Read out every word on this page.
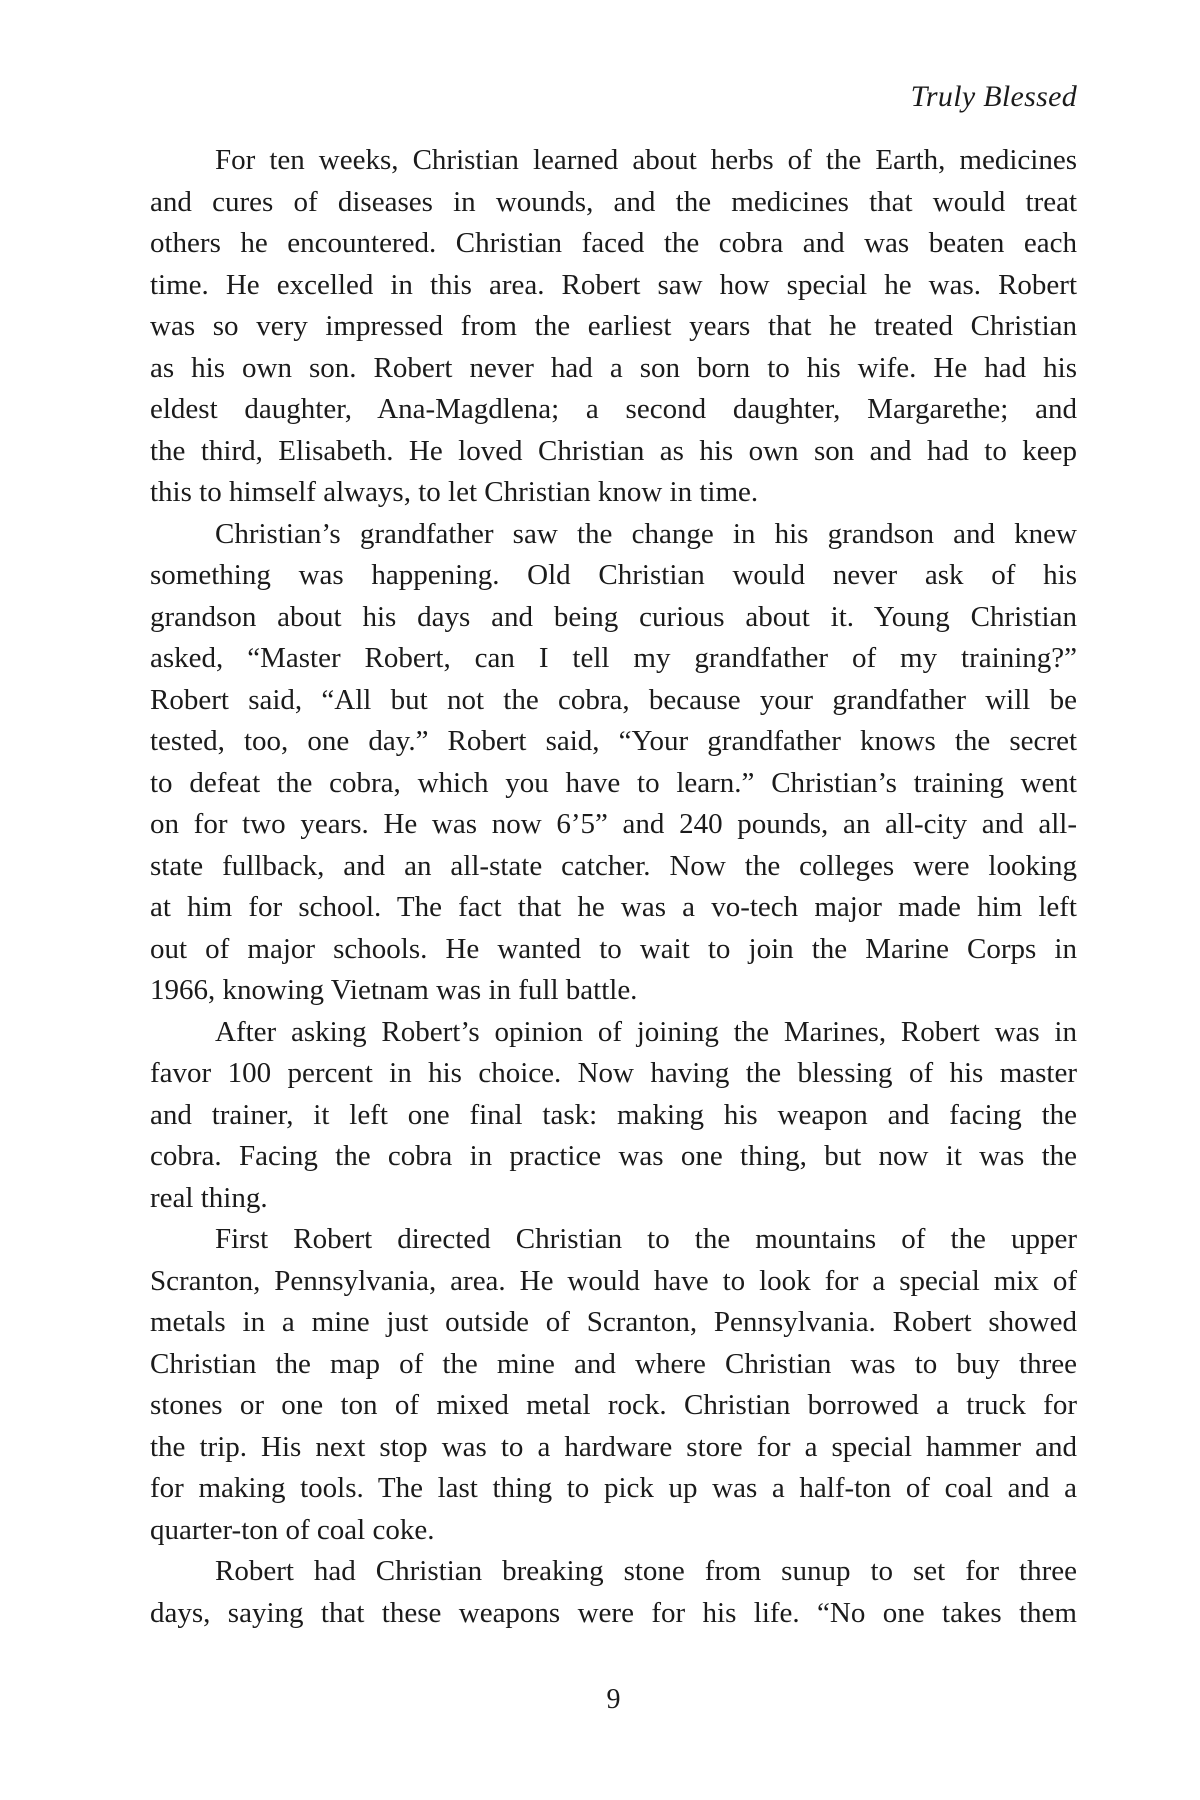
Truly Blessed
For ten weeks, Christian learned about herbs of the Earth, medicines
and cures of diseases in wounds, and the medicines that would treat
others he encountered. Christian faced the cobra and was beaten each
time. He excelled in this area. Robert saw how special he was. Robert
was so very impressed from the earliest years that he treated Christian
as his own son. Robert never had a son born to his wife. He had his
eldest daughter, Ana-Magdlena; a second daughter, Margarethe; and
the third, Elisabeth. He loved Christian as his own son and had to keep
this to himself always, to let Christian know in time.
Christian’s grandfather saw the change in his grandson and knew
something was happening. Old Christian would never ask of his
grandson about his days and being curious about it. Young Christian
asked, “Master Robert, can I tell my grandfather of my training?”
Robert said, “All but not the cobra, because your grandfather will be
tested, too, one day.” Robert said, “Your grandfather knows the secret
to defeat the cobra, which you have to learn.” Christian’s training went
on for two years. He was now 6’5” and 240 pounds, an all-city and all-
state fullback, and an all-state catcher. Now the colleges were looking
at him for school. The fact that he was a vo-tech major made him left
out of major schools. He wanted to wait to join the Marine Corps in
1966, knowing Vietnam was in full battle.
After asking Robert’s opinion of joining the Marines, Robert was in
favor 100 percent in his choice. Now having the blessing of his master
and trainer, it left one final task: making his weapon and facing the
cobra. Facing the cobra in practice was one thing, but now it was the
real thing.
First Robert directed Christian to the mountains of the upper
Scranton, Pennsylvania, area. He would have to look for a special mix of
metals in a mine just outside of Scranton, Pennsylvania. Robert showed
Christian the map of the mine and where Christian was to buy three
stones or one ton of mixed metal rock. Christian borrowed a truck for
the trip. His next stop was to a hardware store for a special hammer and
for making tools. The last thing to pick up was a half-ton of coal and a
quarter-ton of coal coke.
Robert had Christian breaking stone from sunup to set for three
days, saying that these weapons were for his life. “No one takes them
9
